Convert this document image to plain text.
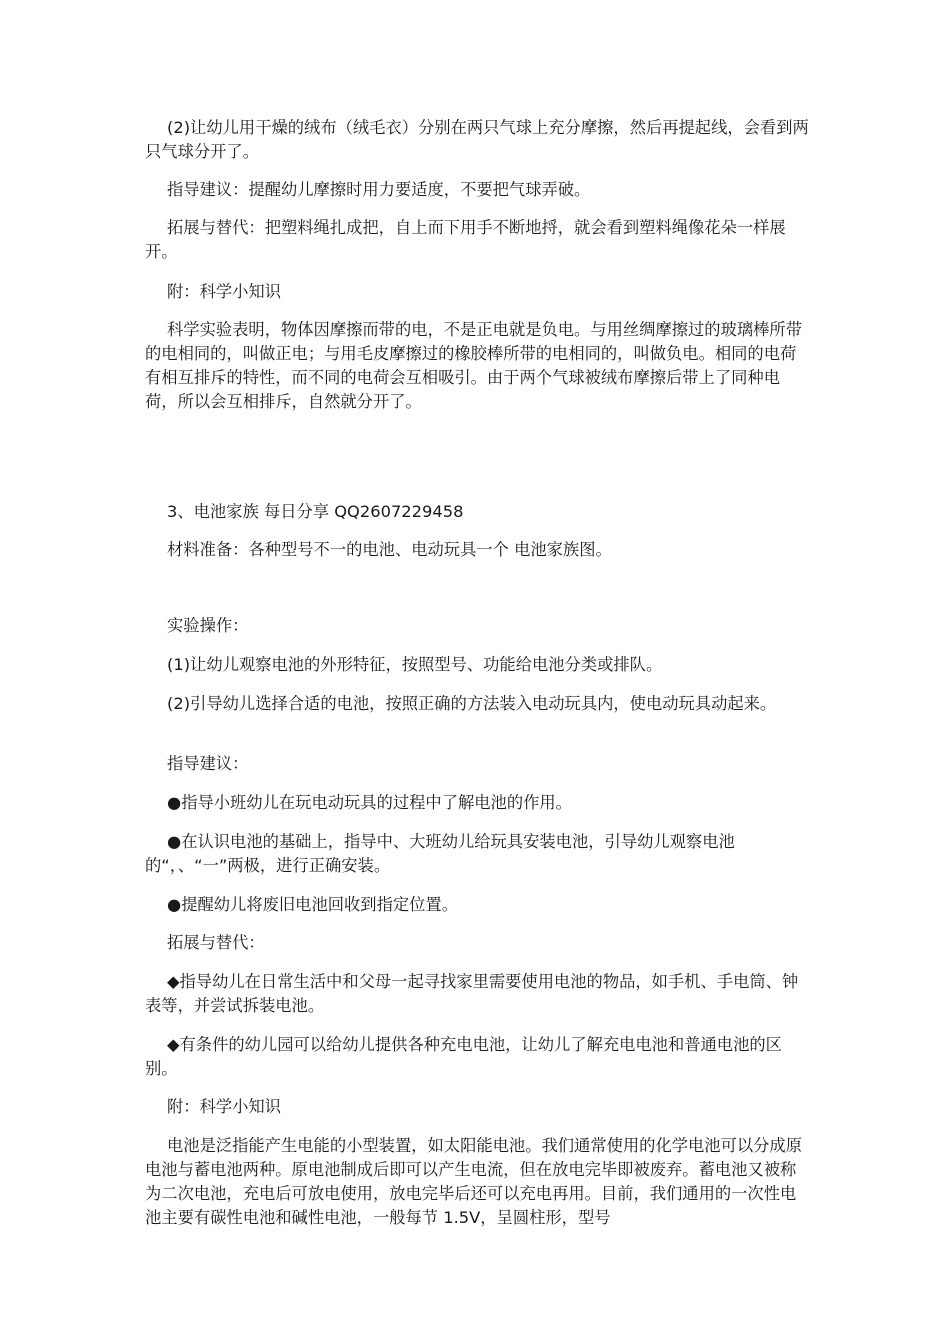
(2)让幼儿用干燥的绒布（绒毛衣）分别在两只气球上充分摩擦，然后再提起线，会看到两只气球分开了。

指导建议：提醒幼儿摩擦时用力要适度，不要把气球弄破。

拓展与替代：把塑料绳扎成把，自上而下用手不断地捋，就会看到塑料绳像花朵一样展开。

附：科学小知识

科学实验表明，物体因摩擦而带的电，不是正电就是负电。与用丝绸摩擦过的玻璃棒所带的电相同的，叫做正电；与用毛皮摩擦过的橡胶棒所带的电相同的，叫做负电。相同的电荷有相互排斥的特性，而不同的电荷会互相吸引。由于两个气球被绒布摩擦后带上了同种电荷，所以会互相排斥，自然就分开了。

3、电池家族 每日分享 QQ2607229458

材料准备：各种型号不一的电池、电动玩具一个 电池家族图。

实验操作：

(1)让幼儿观察电池的外形特征，按照型号、功能给电池分类或排队。

(2)引导幼儿选择合适的电池，按照正确的方法装入电动玩具内，使电动玩具动起来。

指导建议：

●指导小班幼儿在玩电动玩具的过程中了解电池的作用。

●在认识电池的基础上，指导中、大班幼儿给玩具安装电池，引导幼儿观察电池的“，、“一”两极，进行正确安装。

●提醒幼儿将废旧电池回收到指定位置。

拓展与替代：

◆指导幼儿在日常生活中和父母一起寻找家里需要使用电池的物品，如手机、手电筒、钟表等，并尝试拆装电池。

◆有条件的幼儿园可以给幼儿提供各种充电电池，让幼儿了解充电电池和普通电池的区别。

附：科学小知识

电池是泛指能产生电能的小型装置，如太阳能电池。我们通常使用的化学电池可以分成原电池与蓄电池两种。原电池制成后即可以产生电流，但在放电完毕即被废弃。蓄电池又被称为二次电池，充电后可放电使用，放电完毕后还可以充电再用。目前，我们通用的一次性电池主要有碳性电池和碱性电池，一般每节 1.5V，呈圆柱形，型号
